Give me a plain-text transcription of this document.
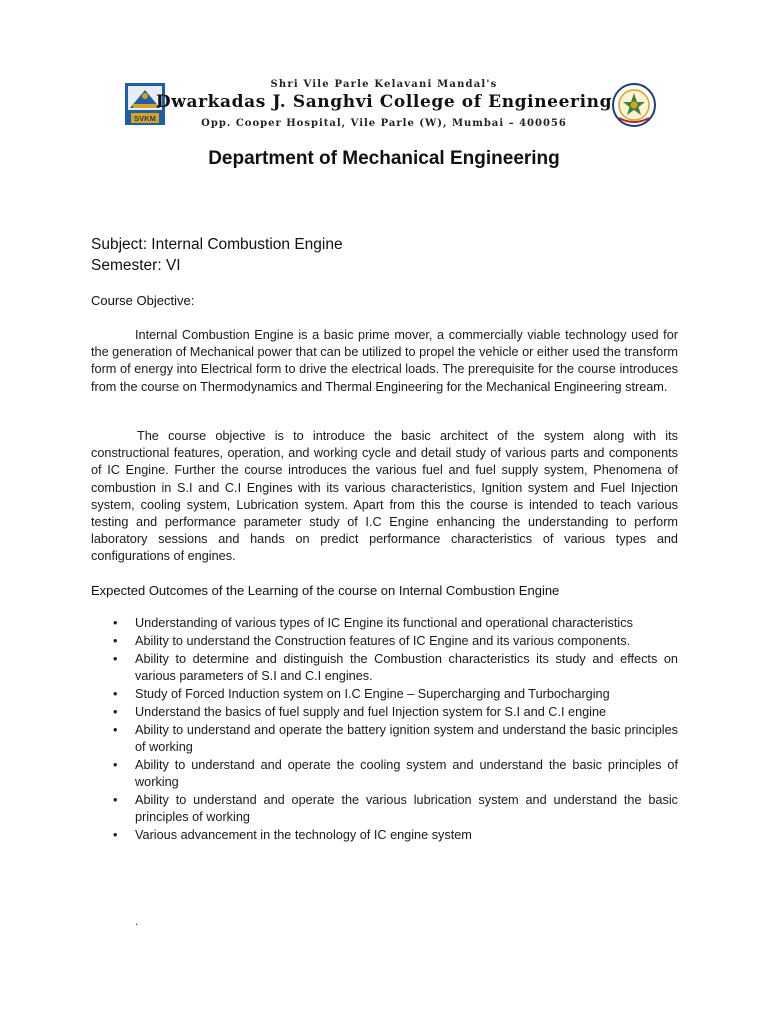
SVKM
Shri Vile Parle Kelavani Mandal's
Dwarkadas J. Sanghvi College of Engineering
Opp. Cooper Hospital, Vile Parle (W), Mumbai – 400056
Department of Mechanical Engineering
Subject: Internal Combustion Engine
Semester: VI
Course Objective:

Internal Combustion Engine is a basic prime mover, a commercially viable technology used for the generation of Mechanical power that can be utilized to propel the vehicle or either used the transform form of energy into Electrical form to drive the electrical loads. The prerequisite for the course introduces from the course on Thermodynamics and Thermal Engineering for the Mechanical Engineering stream.

The course objective is to introduce the basic architect of the system along with its constructional features, operation, and working cycle and detail study of various parts and components of IC Engine. Further the course introduces the various fuel and fuel supply system, Phenomena of combustion in S.I and C.I Engines with its various characteristics, Ignition system and Fuel Injection system, cooling system, Lubrication system. Apart from this the course is intended to teach various testing and performance parameter study of I.C Engine enhancing the understanding to perform laboratory sessions and hands on predict performance characteristics of various types and configurations of engines.

Expected Outcomes of the Learning of the course on Internal Combustion Engine
• Understanding of various types of IC Engine its functional and operational characteristics
• Ability to understand the Construction features of IC Engine and its various components.
• Ability to determine and distinguish the Combustion characteristics its study and effects on various parameters of S.I and C.I engines.
• Study of Forced Induction system on I.C Engine – Supercharging and Turbocharging
• Understand the basics of fuel supply and fuel Injection system for S.I and C.I engine
• Ability to understand and operate the battery ignition system and understand the basic principles of working
• Ability to understand and operate the cooling system and understand the basic principles of working
• Ability to understand and operate the various lubrication system and understand the basic principles of working
• Various advancement in the technology of IC engine system
.
